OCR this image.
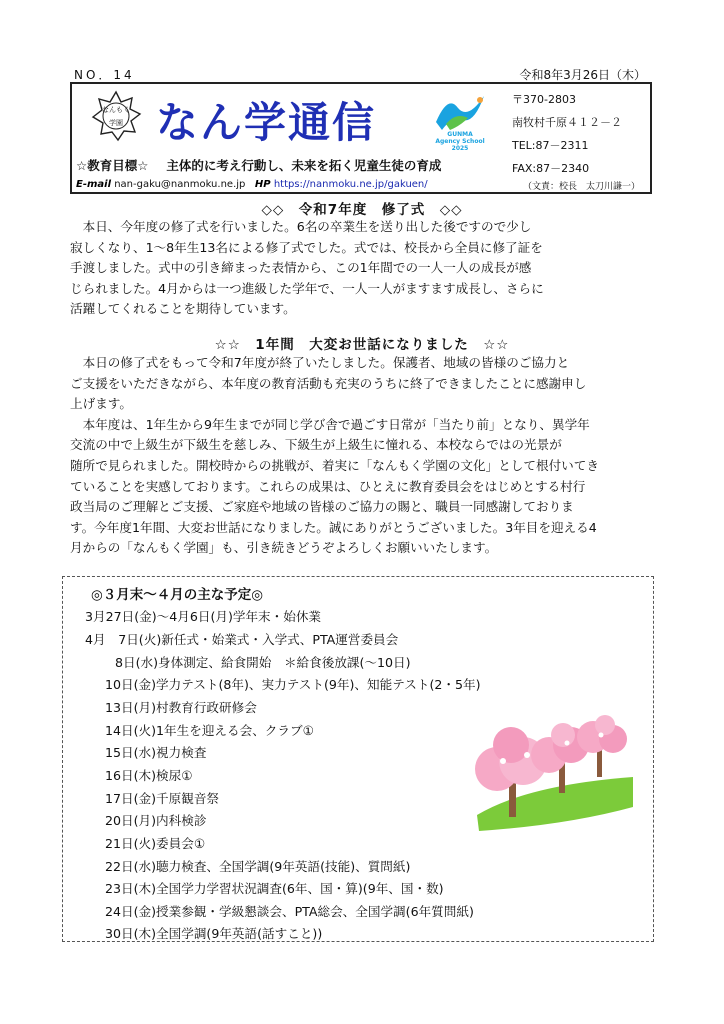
NO．14	令和8年3月26日（木）
なんもく
学園 なん学通信	GUNMA
Agency School
2025
〒370-2803
南牧村千原４１２－２
TEL:87－2311
FAX:87－2340
☆教育目標☆ 主体的に考え行動し、未来を拓く児童生徒の育成
E-mail nan-gaku@nanmoku.ne.jp HP https://nanmoku.ne.jp/gakuen/	（文責：校長　太刀川謙一）
◇◇　令和7年度　修了式　◇◇

本日、今年度の修了式を行いました。6名の卒業生を送り出した後ですので少し

寂しくなり、1～8年生13名による修了式でした。式では、校長から全員に修了証を
手渡しました。式中の引き締まった表情から、この1年間での一人一人の成長が感
じられました。4月からは一つ進級した学年で、一人一人がますます成長し、さらに
活躍してくれることを期待しています。
☆☆　1年間　大変お世話になりました　☆☆

本日の修了式をもって令和7年度が終了いたしました。保護者、地域の皆様のご協力と

ご支援をいただきながら、本年度の教育活動も充実のうちに終了できましたことに感謝申し
上げます。

本年度は、1年生から9年生までが同じ学び舎で過ごす日常が「当たり前」となり、異学年

交流の中で上級生が下級生を慈しみ、下級生が上級生に憧れる、本校ならではの光景が
随所で見られました。開校時からの挑戦が、着実に「なんもく学園の文化」として根付いてき
ていることを実感しております。これらの成果は、ひとえに教育委員会をはじめとする村行
政当局のご理解とご支援、ご家庭や地域の皆様のご協力の賜と、職員一同感謝しておりま
す。今年度1年間、大変お世話になりました。誠にありがとうございました。3年目を迎える4
月からの「なんもく学園」も、引き続きどうぞよろしくお願いいたします。
◎３月末～４月の主な予定◎
3月27日(金)～4月6日(月)学年末・始休業
4月　7日(火)新任式・始業式・入学式、PTA運営委員会
8日(水)身体測定、給食開始　＊給食後放課(～10日)
10日(金)学力テスト(8年)、実力テスト(9年)、知能テスト(2・5年)
13日(月)村教育行政研修会
14日(火)1年生を迎える会、クラブ①
15日(水)視力検査
16日(木)検尿①
17日(金)千原観音祭
20日(月)内科検診
21日(火)委員会①
22日(水)聴力検査、全国学調(9年英語(技能)、質問紙)
23日(木)全国学力学習状況調査(6年、国・算)(9年、国・数)
24日(金)授業参観・学級懇談会、PTA総会、全国学調(6年質問紙)
30日(木)全国学調(9年英語(話すこと))
